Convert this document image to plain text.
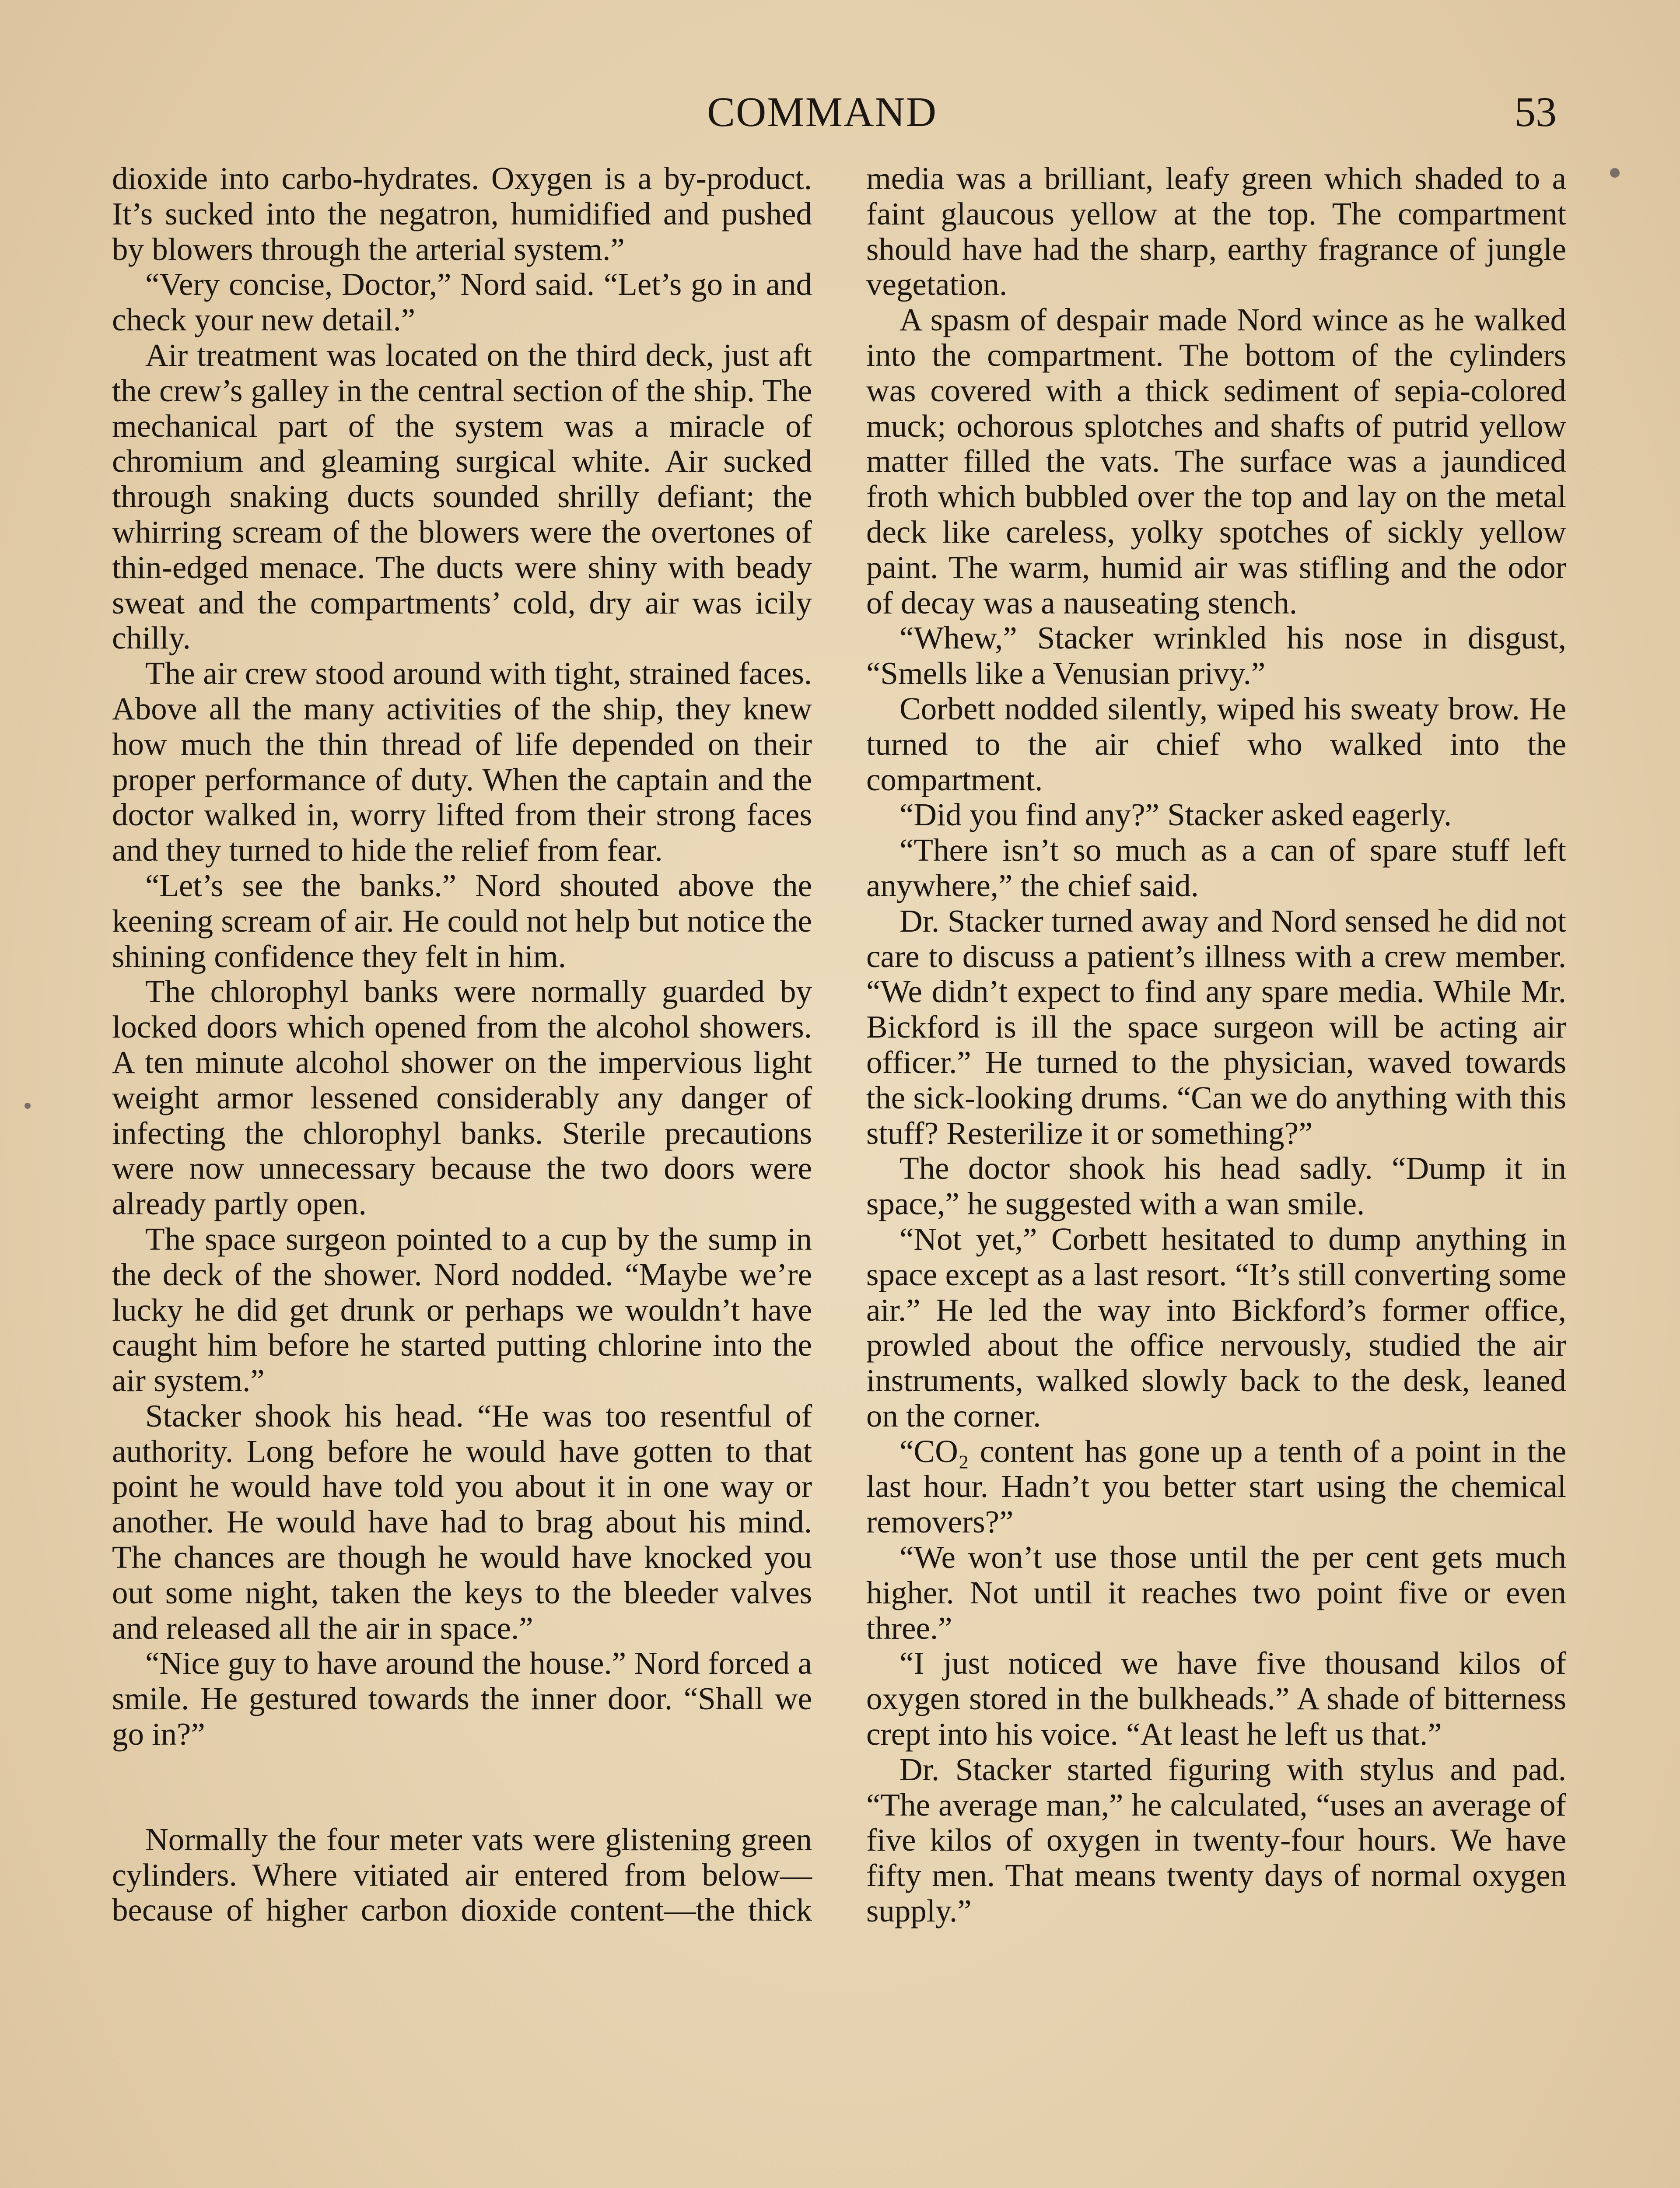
COMMAND	53

dioxide into carbo-hydrates. Oxygen is a by-product. It’s sucked into the negatron, humidified and pushed by blowers through the arterial system.”

“Very concise, Doctor,” Nord said. “Let’s go in and check your new detail.”

Air treatment was located on the third deck, just aft the crew’s galley in the central section of the ship. The mechanical part of the system was a miracle of chromium and gleaming surgical white. Air sucked through snaking ducts sounded shrilly defiant; the whirring scream of the blowers were the overtones of thin-edged menace. The ducts were shiny with beady sweat and the compartments’ cold, dry air was icily chilly.

The air crew stood around with tight, strained faces. Above all the many activities of the ship, they knew how much the thin thread of life depended on their proper performance of duty. When the captain and the doctor walked in, worry lifted from their strong faces and they turned to hide the relief from fear.

“Let’s see the banks.” Nord shouted above the keening scream of air. He could not help but notice the shining confidence they felt in him.

The chlorophyl banks were normally guarded by locked doors which opened from the alcohol showers. A ten minute alcohol shower on the impervious light weight armor lessened considerably any danger of infecting the chlorophyl banks. Sterile precautions were now unnecessary because the two doors were already partly open.

The space surgeon pointed to a cup by the sump in the deck of the shower. Nord nodded. “Maybe we’re lucky he did get drunk or perhaps we wouldn’t have caught him before he started putting chlorine into the air system.”

Stacker shook his head. “He was too resentful of authority. Long before he would have gotten to that point he would have told you about it in one way or another. He would have had to brag about his mind. The chances are though he would have knocked you out some night, taken the keys to the bleeder valves and released all the air in space.”

“Nice guy to have around the house.” Nord forced a smile. He gestured towards the inner door. “Shall we go in?”

Normally the four meter vats were glistening green cylinders. Where vitiated air entered from below—because of higher carbon dioxide content—the thick

media was a brilliant, leafy green which shaded to a faint glaucous yellow at the top. The compartment should have had the sharp, earthy fragrance of jungle vegetation.

A spasm of despair made Nord wince as he walked into the compartment. The bottom of the cylinders was covered with a thick sediment of sepia-colored muck; ochorous splotches and shafts of putrid yellow matter filled the vats. The surface was a jaundiced froth which bubbled over the top and lay on the metal deck like careless, yolky spotches of sickly yellow paint. The warm, humid air was stifling and the odor of decay was a nauseating stench.

“Whew,” Stacker wrinkled his nose in disgust, “Smells like a Venusian privy.”

Corbett nodded silently, wiped his sweaty brow. He turned to the air chief who walked into the compartment.

“Did you find any?” Stacker asked eagerly.

“There isn’t so much as a can of spare stuff left anywhere,” the chief said.

Dr. Stacker turned away and Nord sensed he did not care to discuss a patient’s illness with a crew member. “We didn’t expect to find any spare media. While Mr. Bickford is ill the space surgeon will be acting air officer.” He turned to the physician, waved towards the sick-looking drums. “Can we do anything with this stuff? Resterilize it or something?”

The doctor shook his head sadly. “Dump it in space,” he suggested with a wan smile.

“Not yet,” Corbett hesitated to dump anything in space except as a last resort. “It’s still converting some air.” He led the way into Bickford’s former office, prowled about the office nervously, studied the air instruments, walked slowly back to the desk, leaned on the corner.

“CO₂ content has gone up a tenth of a point in the last hour. Hadn’t you better start using the chemical removers?”

“We won’t use those until the per cent gets much higher. Not until it reaches two point five or even three.”

“I just noticed we have five thousand kilos of oxygen stored in the bulkheads.” A shade of bitterness crept into his voice. “At least he left us that.”

Dr. Stacker started figuring with stylus and pad. “The average man,” he calculated, “uses an average of five kilos of oxygen in twenty-four hours. We have fifty men. That means twenty days of normal oxygen supply.”
